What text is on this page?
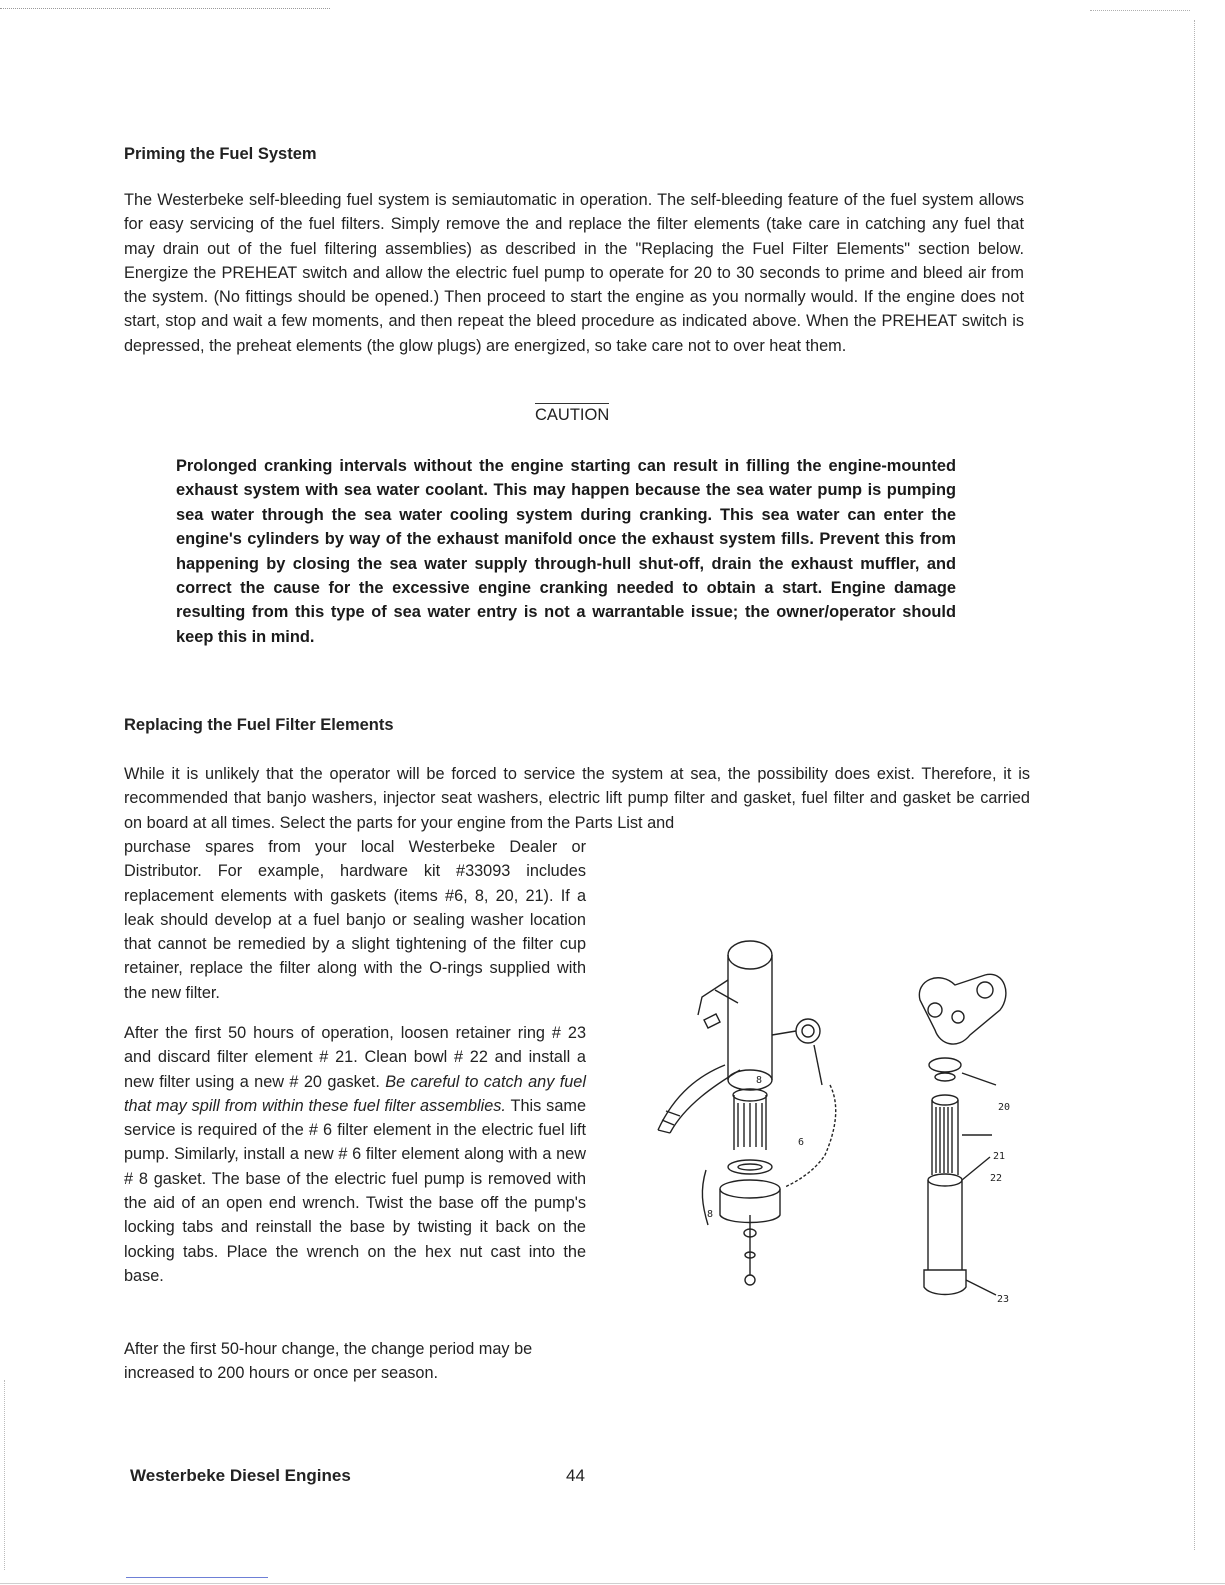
Priming the Fuel System
The Westerbeke self-bleeding fuel system is semiautomatic in operation. The self-bleeding feature of the fuel system allows for easy servicing of the fuel filters. Simply remove the and replace the filter elements (take care in catching any fuel that may drain out of the fuel filtering assemblies) as described in the "Replacing the Fuel Filter Elements" section below. Energize the PREHEAT switch and allow the electric fuel pump to operate for 20 to 30 seconds to prime and bleed air from the system. (No fittings should be opened.) Then proceed to start the engine as you normally would. If the engine does not start, stop and wait a few moments, and then repeat the bleed procedure as indicated above. When the PREHEAT switch is depressed, the preheat elements (the glow plugs) are energized, so take care not to over heat them.
CAUTION
Prolonged cranking intervals without the engine starting can result in filling the engine-mounted exhaust system with sea water coolant. This may happen because the sea water pump is pumping sea water through the sea water cooling system during cranking. This sea water can enter the engine's cylinders by way of the exhaust manifold once the exhaust system fills. Prevent this from happening by closing the sea water supply through-hull shut-off, drain the exhaust muffler, and correct the cause for the excessive engine cranking needed to obtain a start. Engine damage resulting from this type of sea water entry is not a warrantable issue; the owner/operator should keep this in mind.
Replacing the Fuel Filter Elements
While it is unlikely that the operator will be forced to service the system at sea, the possibility does exist. Therefore, it is recommended that banjo washers, injector seat washers, electric lift pump filter and gasket, fuel filter and gasket be carried on board at all times. Select the parts for your engine from the Parts List and
purchase spares from your local Westerbeke Dealer or Distributor. For example, hardware kit #33093 includes replacement elements with gaskets (items #6, 8, 20, 21). If a leak should develop at a fuel banjo or sealing washer location that cannot be remedied by a slight tightening of the filter cup retainer, replace the filter along with the O-rings supplied with the new filter.
After the first 50 hours of operation, loosen retainer ring # 23 and discard filter element # 21. Clean bowl # 22 and install a new filter using a new # 20 gasket. Be careful to catch any fuel that may spill from within these fuel filter assemblies. This same service is required of the # 6 filter element in the electric fuel lift pump. Similarly, install a new # 6 filter element along with a new # 8 gasket. The base of the electric fuel pump is removed with the aid of an open end wrench. Twist the base off the pump's locking tabs and reinstall the base by twisting it back on the locking tabs. Place the wrench on the hex nut cast into the base.
After the first 50-hour change, the change period may be increased to 200 hours or once per season.
8
6
8
20
21
22
23
Westerbeke Diesel Engines	44
